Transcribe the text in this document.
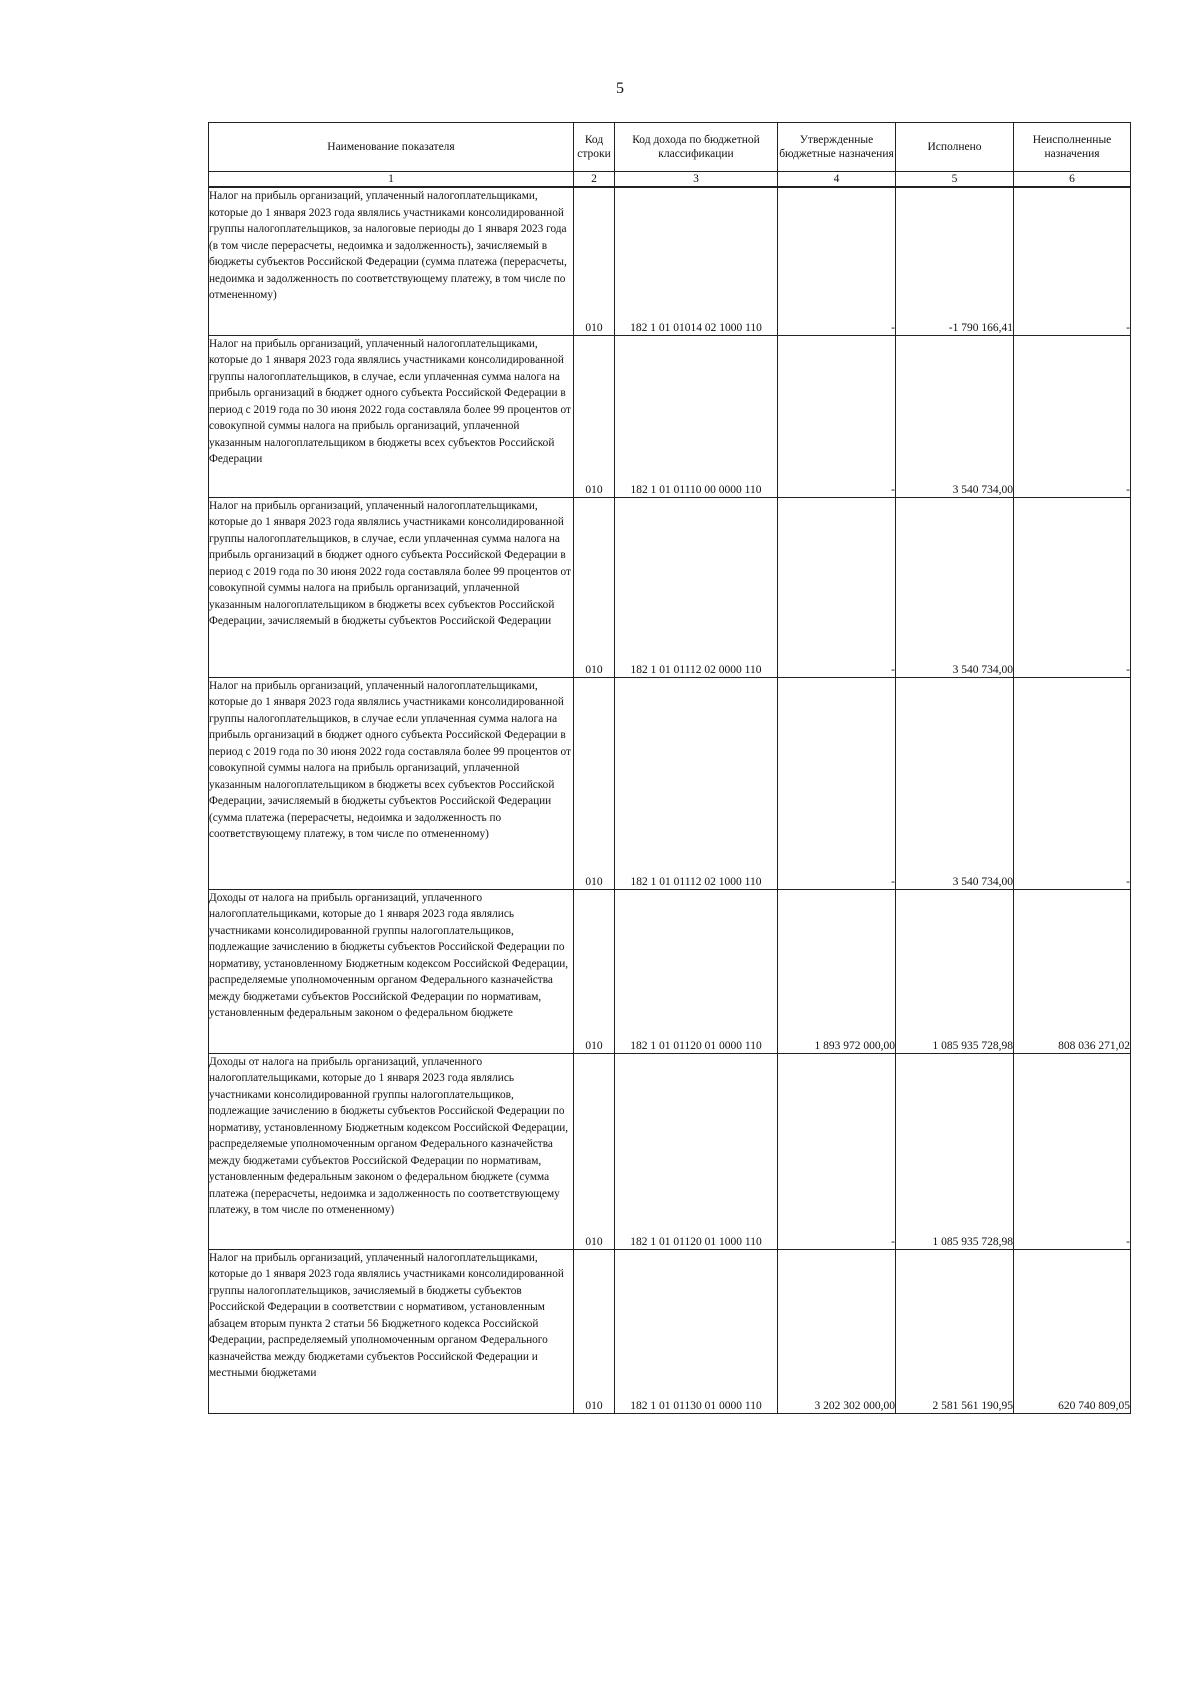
5
Наименование показателя	Код строки	Код дохода по бюджетной классификации	Утвержденные бюджетные назначения	Исполнено	Неисполненные назначения
1	2	3	4	5	6
Налог на прибыль организаций, уплаченный налогоплательщиками, которые до 1 января 2023 года являлись участниками консолидированной группы налогоплательщиков, за налоговые периоды до 1 января 2023 года (в том числе перерасчеты, недоимка и задолженность), зачисляемый в бюджеты субъектов Российской Федерации (сумма платежа (перерасчеты, недоимка и задолженность по соответствующему платежу, в том числе по отмененному)	010	182 1 01 01014 02 1000 110	-	-1 790 166,41	-
Налог на прибыль организаций, уплаченный налогоплательщиками, которые до 1 января 2023 года являлись участниками консолидированной группы налогоплательщиков, в случае, если уплаченная сумма налога на прибыль организаций в бюджет одного субъекта Российской Федерации в период с 2019 года по 30 июня 2022 года составляла более 99 процентов от совокупной суммы налога на прибыль организаций, уплаченной указанным налогоплательщиком в бюджеты всех субъектов Российской Федерации	010	182 1 01 01110 00 0000 110	-	3 540 734,00	-
Налог на прибыль организаций, уплаченный налогоплательщиками, которые до 1 января 2023 года являлись участниками консолидированной группы налогоплательщиков, в случае, если уплаченная сумма налога на прибыль организаций в бюджет одного субъекта Российской Федерации в период с 2019 года по 30 июня 2022 года составляла более 99 процентов от совокупной суммы налога на прибыль организаций, уплаченной указанным налогоплательщиком в бюджеты всех субъектов Российской Федерации, зачисляемый в бюджеты субъектов Российской Федерации	010	182 1 01 01112 02 0000 110	-	3 540 734,00	-
Налог на прибыль организаций, уплаченный налогоплательщиками, которые до 1 января 2023 года являлись участниками консолидированной группы налогоплательщиков, в случае если уплаченная сумма налога на прибыль организаций в бюджет одного субъекта Российской Федерации в период с 2019 года по 30 июня 2022 года составляла более 99 процентов от совокупной суммы налога на прибыль организаций, уплаченной указанным налогоплательщиком в бюджеты всех субъектов Российской Федерации, зачисляемый в бюджеты субъектов Российской Федерации (сумма платежа (перерасчеты, недоимка и задолженность по соответствующему платежу, в том числе по отмененному)	010	182 1 01 01112 02 1000 110	-	3 540 734,00	-
Доходы от налога на прибыль организаций, уплаченного налогоплательщиками, которые до 1 января 2023 года являлись участниками консолидированной группы налогоплательщиков, подлежащие зачислению в бюджеты субъектов Российской Федерации по нормативу, установленному Бюджетным кодексом Российской Федерации, распределяемые уполномоченным органом Федерального казначейства между бюджетами субъектов Российской Федерации по нормативам, установленным федеральным законом о федеральном бюджете	010	182 1 01 01120 01 0000 110	1 893 972 000,00	1 085 935 728,98	808 036 271,02
Доходы от налога на прибыль организаций, уплаченного налогоплательщиками, которые до 1 января 2023 года являлись участниками консолидированной группы налогоплательщиков, подлежащие зачислению в бюджеты субъектов Российской Федерации по нормативу, установленному Бюджетным кодексом Российской Федерации, распределяемые уполномоченным органом Федерального казначейства между бюджетами субъектов Российской Федерации по нормативам, установленным федеральным законом о федеральном бюджете (сумма платежа (перерасчеты, недоимка и задолженность по соответствующему платежу, в том числе по отмененному)	010	182 1 01 01120 01 1000 110	-	1 085 935 728,98	-
Налог на прибыль организаций, уплаченный налогоплательщиками, которые до 1 января 2023 года являлись участниками консолидированной группы налогоплательщиков, зачисляемый в бюджеты субъектов Российской Федерации в соответствии с нормативом, установленным абзацем вторым пункта 2 статьи 56 Бюджетного кодекса Российской Федерации, распределяемый уполномоченным органом Федерального казначейства между бюджетами субъектов Российской Федерации и местными бюджетами	010	182 1 01 01130 01 0000 110	3 202 302 000,00	2 581 561 190,95	620 740 809,05
